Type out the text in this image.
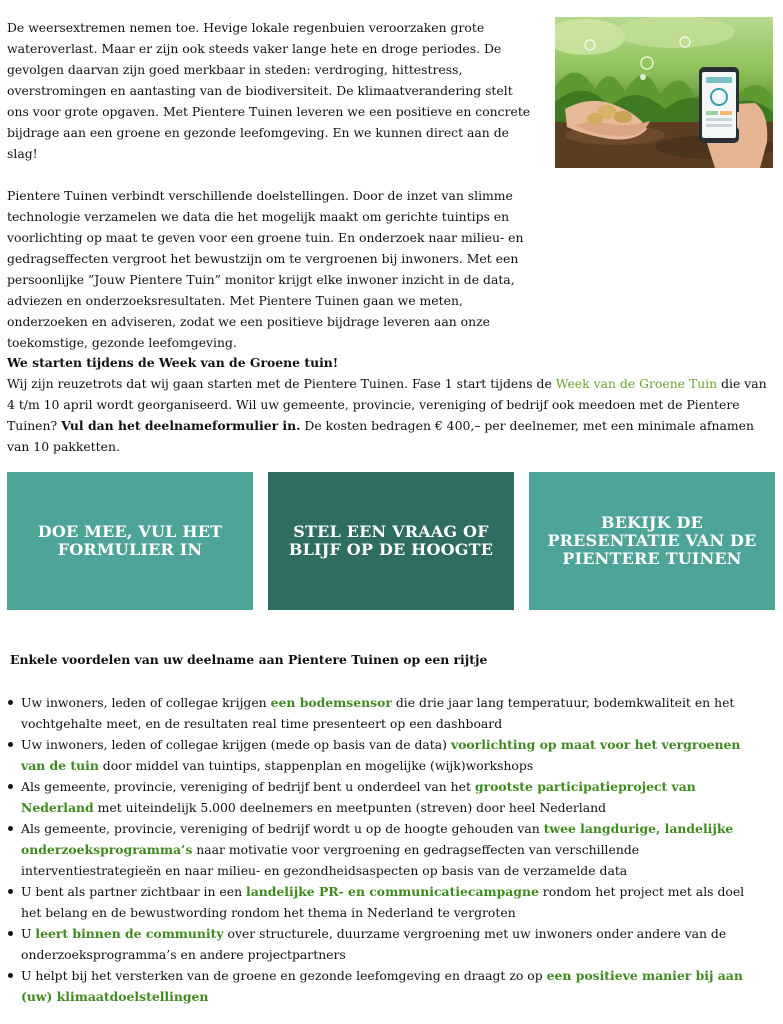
De weersextremen nemen toe. Hevige lokale regenbuien veroorzaken grote wateroverlast. Maar er zijn ook steeds vaker lange hete en droge periodes. De gevolgen daarvan zijn goed merkbaar in steden: verdroging, hittestress, overstromingen en aantasting van de biodiversiteit. De klimaatverandering stelt ons voor grote opgaven. Met Pientere Tuinen leveren we een positieve en concrete bijdrage aan een groene en gezonde leefomgeving. En we kunnen direct aan de slag!

Pientere Tuinen verbindt verschillende doelstellingen. Door de inzet van slimme technologie verzamelen we data die het mogelijk maakt om gerichte tuintips en voorlichting op maat te geven voor een groene tuin. En onderzoek naar milieu- en gedragseffecten vergroot het bewustzijn om te vergroenen bij inwoners. Met een persoonlijke ”Jouw Pientere Tuin” monitor krijgt elke inwoner inzicht in de data, adviezen en onderzoeksresultaten. Met Pientere Tuinen gaan we meten, onderzoeken en adviseren, zodat we een positieve bijdrage leveren aan onze toekomstige, gezonde leefomgeving.

We starten tijdens de Week van de Groene tuin!

Wij zijn reuzetrots dat wij gaan starten met de Pientere Tuinen. Fase 1 start tijdens de Week van de Groene Tuin die van 4 t/m 10 april wordt georganiseerd. Wil uw gemeente, provincie, vereniging of bedrijf ook meedoen met de Pientere Tuinen? Vul dan het deelnameformulier in. De kosten bedragen € 400,– per deelnemer, met een minimale afnamen van 10 pakketten.

DOE MEE, VUL HET FORMULIER IN
STEL EEN VRAAG OF BLIJF OP DE HOOGTE
BEKIJK DE PRESENTATIE VAN DE PIENTERE TUINEN
Enkele voordelen van uw deelname aan Pientere Tuinen op een rijtje
Uw inwoners, leden of collegae krijgen een bodemsensor die drie jaar lang temperatuur, bodemkwaliteit en het vochtgehalte meet, en de resultaten real time presenteert op een dashboard
Uw inwoners, leden of collegae krijgen (mede op basis van de data) voorlichting op maat voor het vergroenen van de tuin door middel van tuintips, stappenplan en mogelijke (wijk)workshops
Als gemeente, provincie, vereniging of bedrijf bent u onderdeel van het grootste participatieproject van Nederland met uiteindelijk 5.000 deelnemers en meetpunten (streven) door heel Nederland
Als gemeente, provincie, vereniging of bedrijf wordt u op de hoogte gehouden van twee langdurige, landelijke onderzoeksprogramma’s naar motivatie voor vergroening en gedragseffecten van verschillende interventiestrategieën en naar milieu- en gezondheidsaspecten op basis van de verzamelde data
U bent als partner zichtbaar in een landelijke PR- en communicatiecampagne rondom het project met als doel het belang en de bewustwording rondom het thema in Nederland te vergroten
U leert binnen de community over structurele, duurzame vergroening met uw inwoners onder andere van de onderzoeksprogramma’s en andere projectpartners
U helpt bij het versterken van de groene en gezonde leefomgeving en draagt zo op een positieve manier bij aan (uw) klimaatdoelstellingen
